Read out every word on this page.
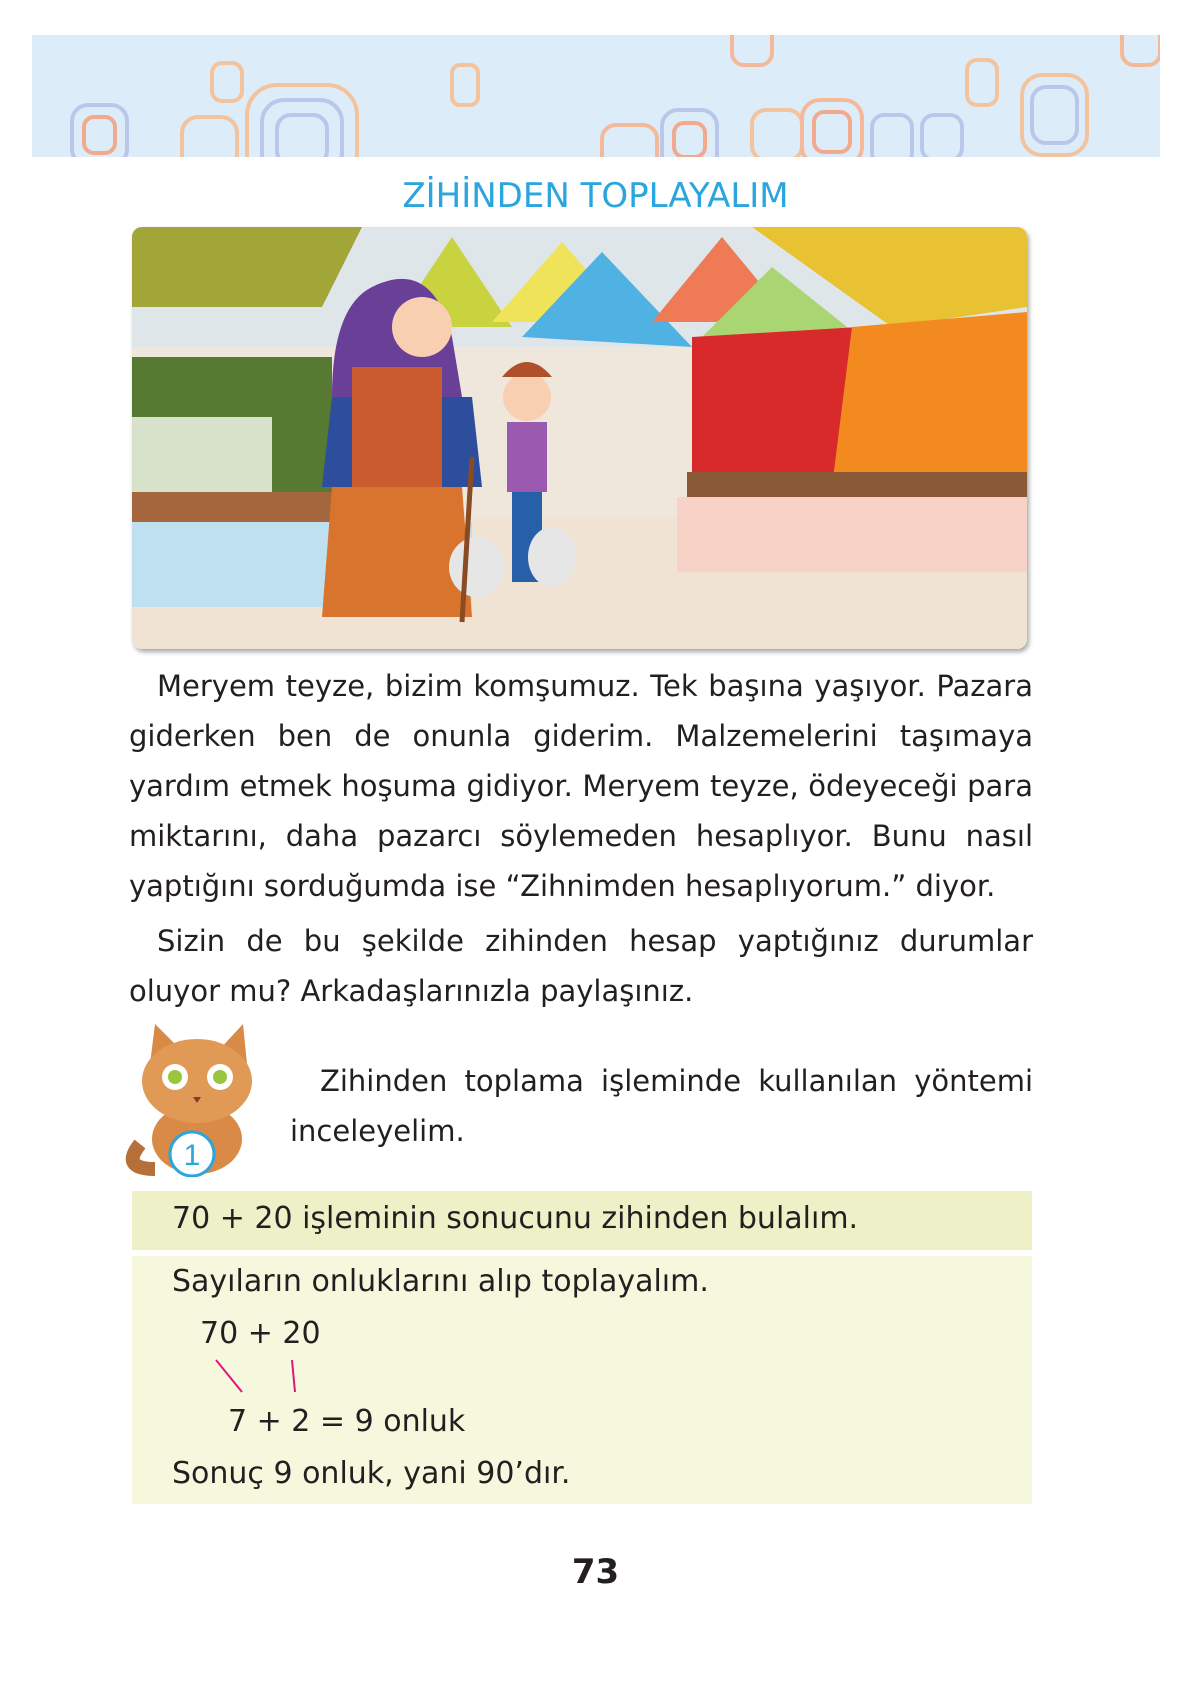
ZİHİNDEN TOPLAYALIM
Meryem teyze, bizim komşumuz. Tek başına yaşıyor. Pazara giderken ben de onunla giderim. Malzemelerini taşımaya yardım etmek hoşuma gidiyor. Meryem teyze, ödeyeceği para miktarını, daha pazarcı söylemeden hesaplıyor. Bunu nasıl yaptığını sorduğumda ise “Zihnimden hesaplıyorum.” diyor.
Sizin de bu şekilde zihinden hesap yaptığınız durumlar oluyor mu? Arkadaşlarınızla paylaşınız.
1
Zihinden toplama işleminde kullanılan yöntemi inceleyelim.
70 + 20 işleminin sonucunu zihinden bulalım.
Sayıların onluklarını alıp toplayalım.
70 + 20
7 + 2 = 9 onluk
Sonuç 9 onluk, yani 90’dır.
73
